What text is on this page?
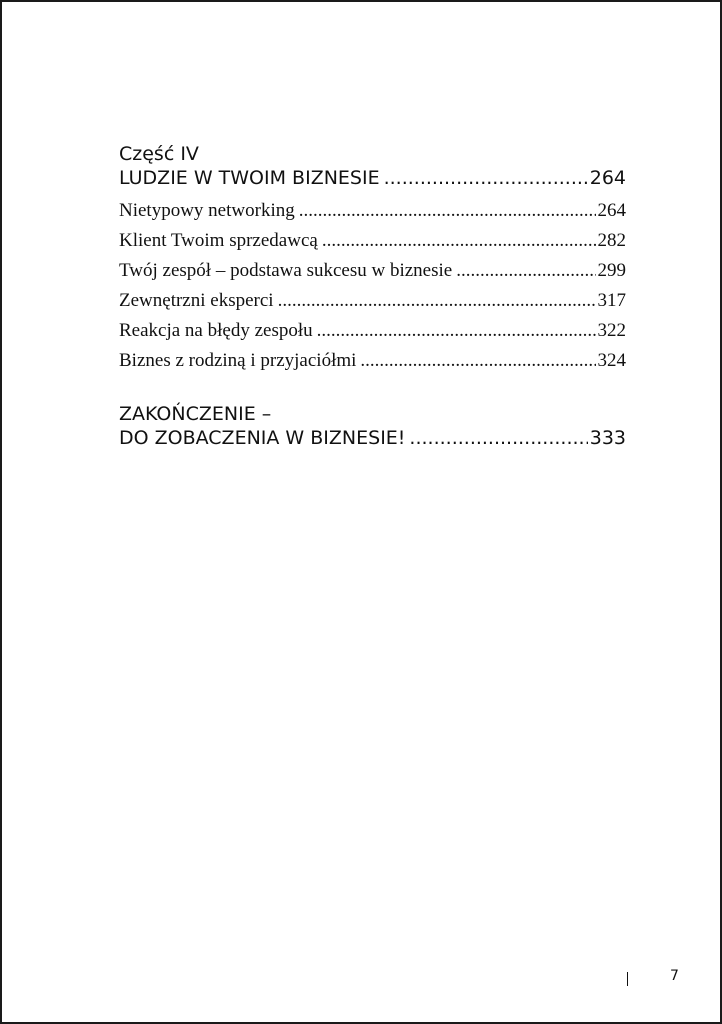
Część IV

LUDZIE W TWOIM BIZNESIE .....	264
Nietypowy networking .....	264
Klient Twoim sprzedawcą .....	282
Twój zespół – podstawa sukcesu w biznesie .....	299
Zewnętrzni eksperci .....	317
Reakcja na błędy zespołu .....	322
Biznes z rodziną i przyjaciółmi .....	324

ZAKOŃCZENIE –

DO ZOBACZENIA W BIZNESIE! .....	333
7
